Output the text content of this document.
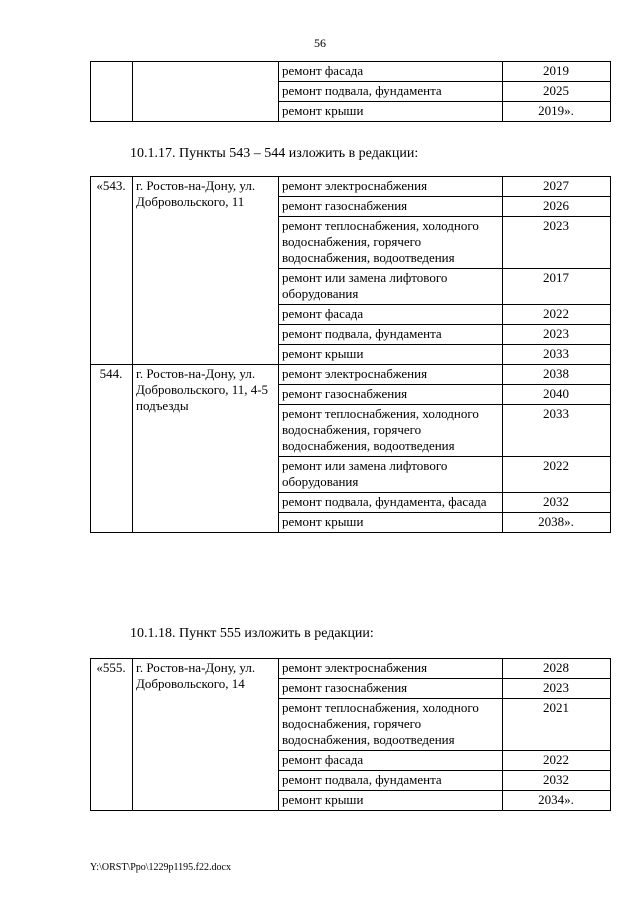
56
		ремонт фасада	2019
		ремонт подвала, фундамента	2025
		ремонт крыши	2019».
10.1.17. Пункты 543 – 544 изложить в редакции:
«543.	г. Ростов-на-Дону, ул. Добровольского, 11	ремонт электроснабжения	2027
		ремонт газоснабжения	2026
		ремонт теплоснабжения, холодного водоснабжения, горячего водоснабжения, водоотведения	2023
		ремонт или замена лифтового оборудования	2017
		ремонт фасада	2022
		ремонт подвала, фундамента	2023
		ремонт крыши	2033
544.	г. Ростов-на-Дону, ул. Добровольского, 11, 4-5 подъезды	ремонт электроснабжения	2038
		ремонт газоснабжения	2040
		ремонт теплоснабжения, холодного водоснабжения, горячего водоснабжения, водоотведения	2033
		ремонт или замена лифтового оборудования	2022
		ремонт подвала, фундамента, фасада	2032
		ремонт крыши	2038».
10.1.18. Пункт 555 изложить в редакции:
«555.	г. Ростов-на-Дону, ул. Добровольского, 14	ремонт электроснабжения	2028
		ремонт газоснабжения	2023
		ремонт теплоснабжения, холодного водоснабжения, горячего водоснабжения, водоотведения	2021
		ремонт фасада	2022
		ремонт подвала, фундамента	2032
		ремонт крыши	2034».
Y:\ORST\Ppo\1229p1195.f22.docx
